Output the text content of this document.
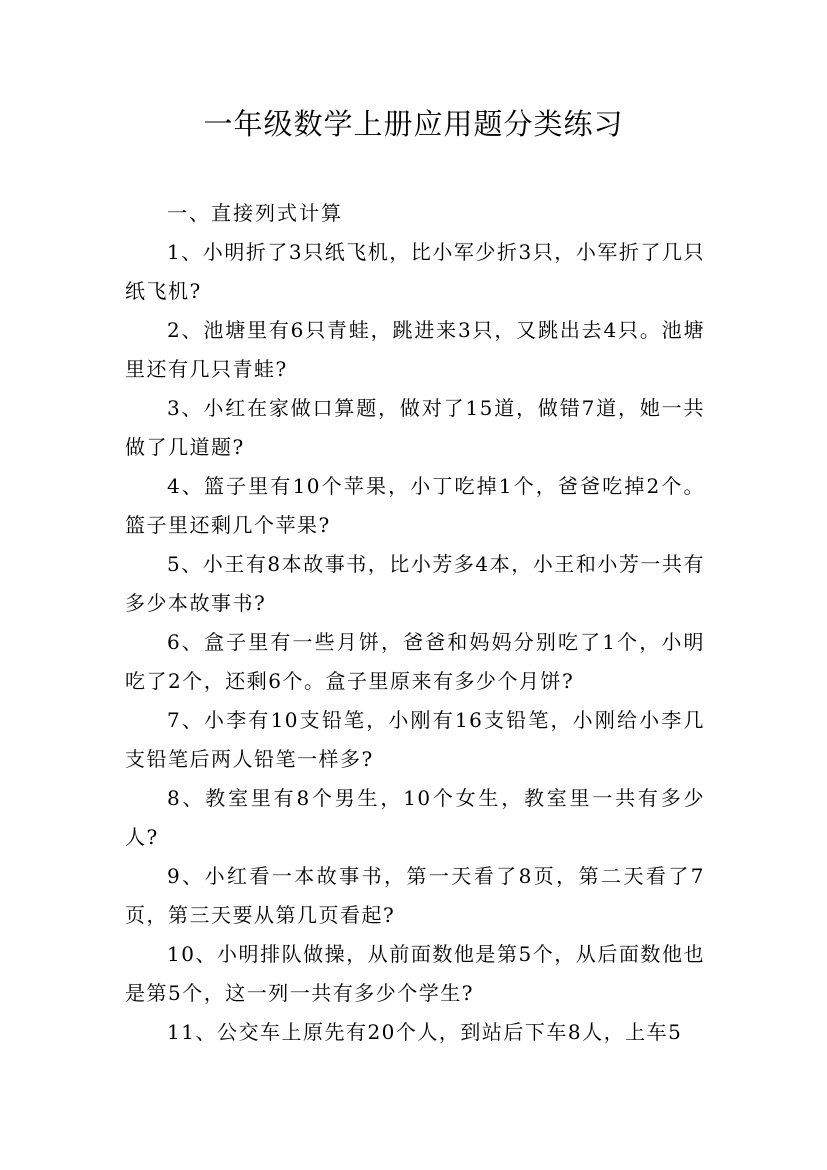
一年级数学上册应用题分类练习

一、直接列式计算

1、小明折了3只纸飞机，比小军少折3只，小军折了几只纸飞机?

2、池塘里有6只青蛙，跳进来3只，又跳出去4只。池塘里还有几只青蛙?

3、小红在家做口算题，做对了15道，做错7道，她一共做了几道题?

4、篮子里有10个苹果，小丁吃掉1个，爸爸吃掉2个。篮子里还剩几个苹果?

5、小王有8本故事书，比小芳多4本，小王和小芳一共有多少本故事书?

6、盒子里有一些月饼，爸爸和妈妈分别吃了1个，小明吃了2个，还剩6个。盒子里原来有多少个月饼?

7、小李有10支铅笔，小刚有16支铅笔，小刚给小李几支铅笔后两人铅笔一样多?

8、教室里有8个男生，10个女生，教室里一共有多少人?

9、小红看一本故事书，第一天看了8页，第二天看了7页，第三天要从第几页看起?

10、小明排队做操，从前面数他是第5个，从后面数他也是第5个，这一列一共有多少个学生?

11、公交车上原先有20个人，到站后下车8人，上车5
